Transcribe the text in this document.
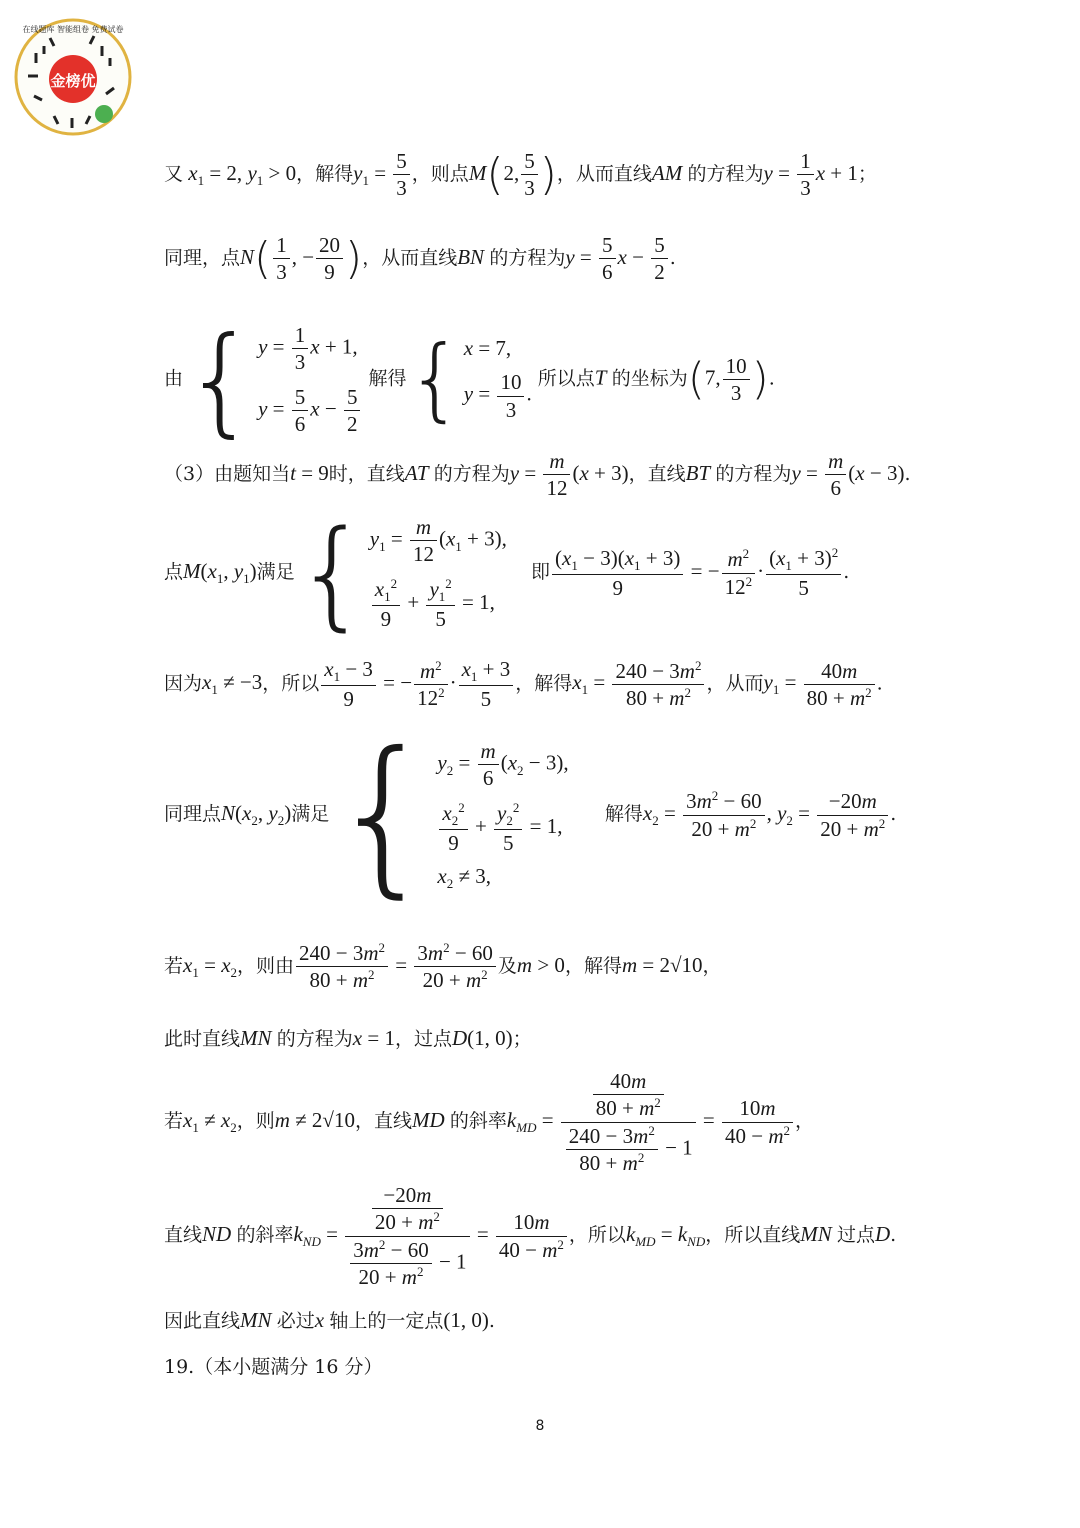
金榜优
在线题库 智能组卷 免费试卷
又 $x_1 = 2$, $y_1 > 0$，解得$y_1 = \frac{5}{3}$ ，则点M(2, $\frac{5}{3}$ )，从而直线AM 的方程为$y = \frac{1}{3}$ x + 1；
同理，点$N( \frac{1}{3}$ , − $\frac{20}{9}$ )，从而直线BN 的方程为$y = \frac{5}{6}$ $x - \frac{5}{2}$ .
由{ $y = \frac{1}{3}$ x + 1,
$y = \frac{5}{6}$ $x - \frac{5}{2}$
解得{ x = 7,
$y = \frac{10}{3}$ .
所以点T 的坐标为(7, $\frac{10}{3}$ ).
（3）由题知当t = 9时，直线AT 的方程为$y = \frac{m}{12} (x + 3)$，直线BT 的方程为$y = \frac{m}{6} (x - 3)$.
点$M(x_1$, $y_1$)满足{ $y_1 = \frac{m}{12} (x_1 + 3)$,
$\frac{x_1^2}{9} + \frac{y_1^2}{5} = 1$,
即 $\frac{(x_1 - 3)(x_1 + 3)}{9}$ = − $\frac{m^2}{12^2} \cdot \frac{(x_1 + 3)^2}{5}$ .
因为$x_1 \ne -3$，所以 $\frac{x_1 - 3}{9}$ = − $\frac{m^2}{12^2} \cdot \frac{x_1 + 3}{5}$ ，解得$x_1 = \frac{240 - 3m^2}{80 + m^2}$ ，从而$y_1 = \frac{40m}{80 + m^2}$ .
同理点$N(x_2$, $y_2$)满足{ $y_2 = \frac{m}{6} (x_2 - 3)$,
$\frac{x_2^2}{9} + \frac{y_2^2}{5} = 1$,
$x_2 \ne 3$,
解得$x_2 = \frac{3m^2 - 60}{20 + m^2}$ , $y_2 = \frac{-20m}{20 + m^2}$ .
若$x_1 = x_2$，则由 $\frac{240 - 3m^2}{80 + m^2} = \frac{3m^2 - 60}{20 + m^2}$ 及m > 0，解得m = 2√10，
此时直线MN 的方程为x = 1，过点D(1, 0)；
若$x_1 \ne x_2$，则m ≠ 2√10，直线MD 的斜率$k_{MD} = \frac{\frac{40m}{80 + m^2}}{\frac{240 - 3m^2}{80 + m^2} - 1} = \frac{10m}{40 - m^2}$ ，
直线ND 的斜率$k_{ND} = \frac{\frac{-20m}{20 + m^2}}{\frac{3m^2 - 60}{20 + m^2} - 1} = \frac{10m}{40 - m^2}$ ，所以$k_{MD} = k_{ND}$，所以直线MN 过点D.
因此直线MN 必过x 轴上的一定点(1, 0).
19.（本小题满分 16 分）
8
